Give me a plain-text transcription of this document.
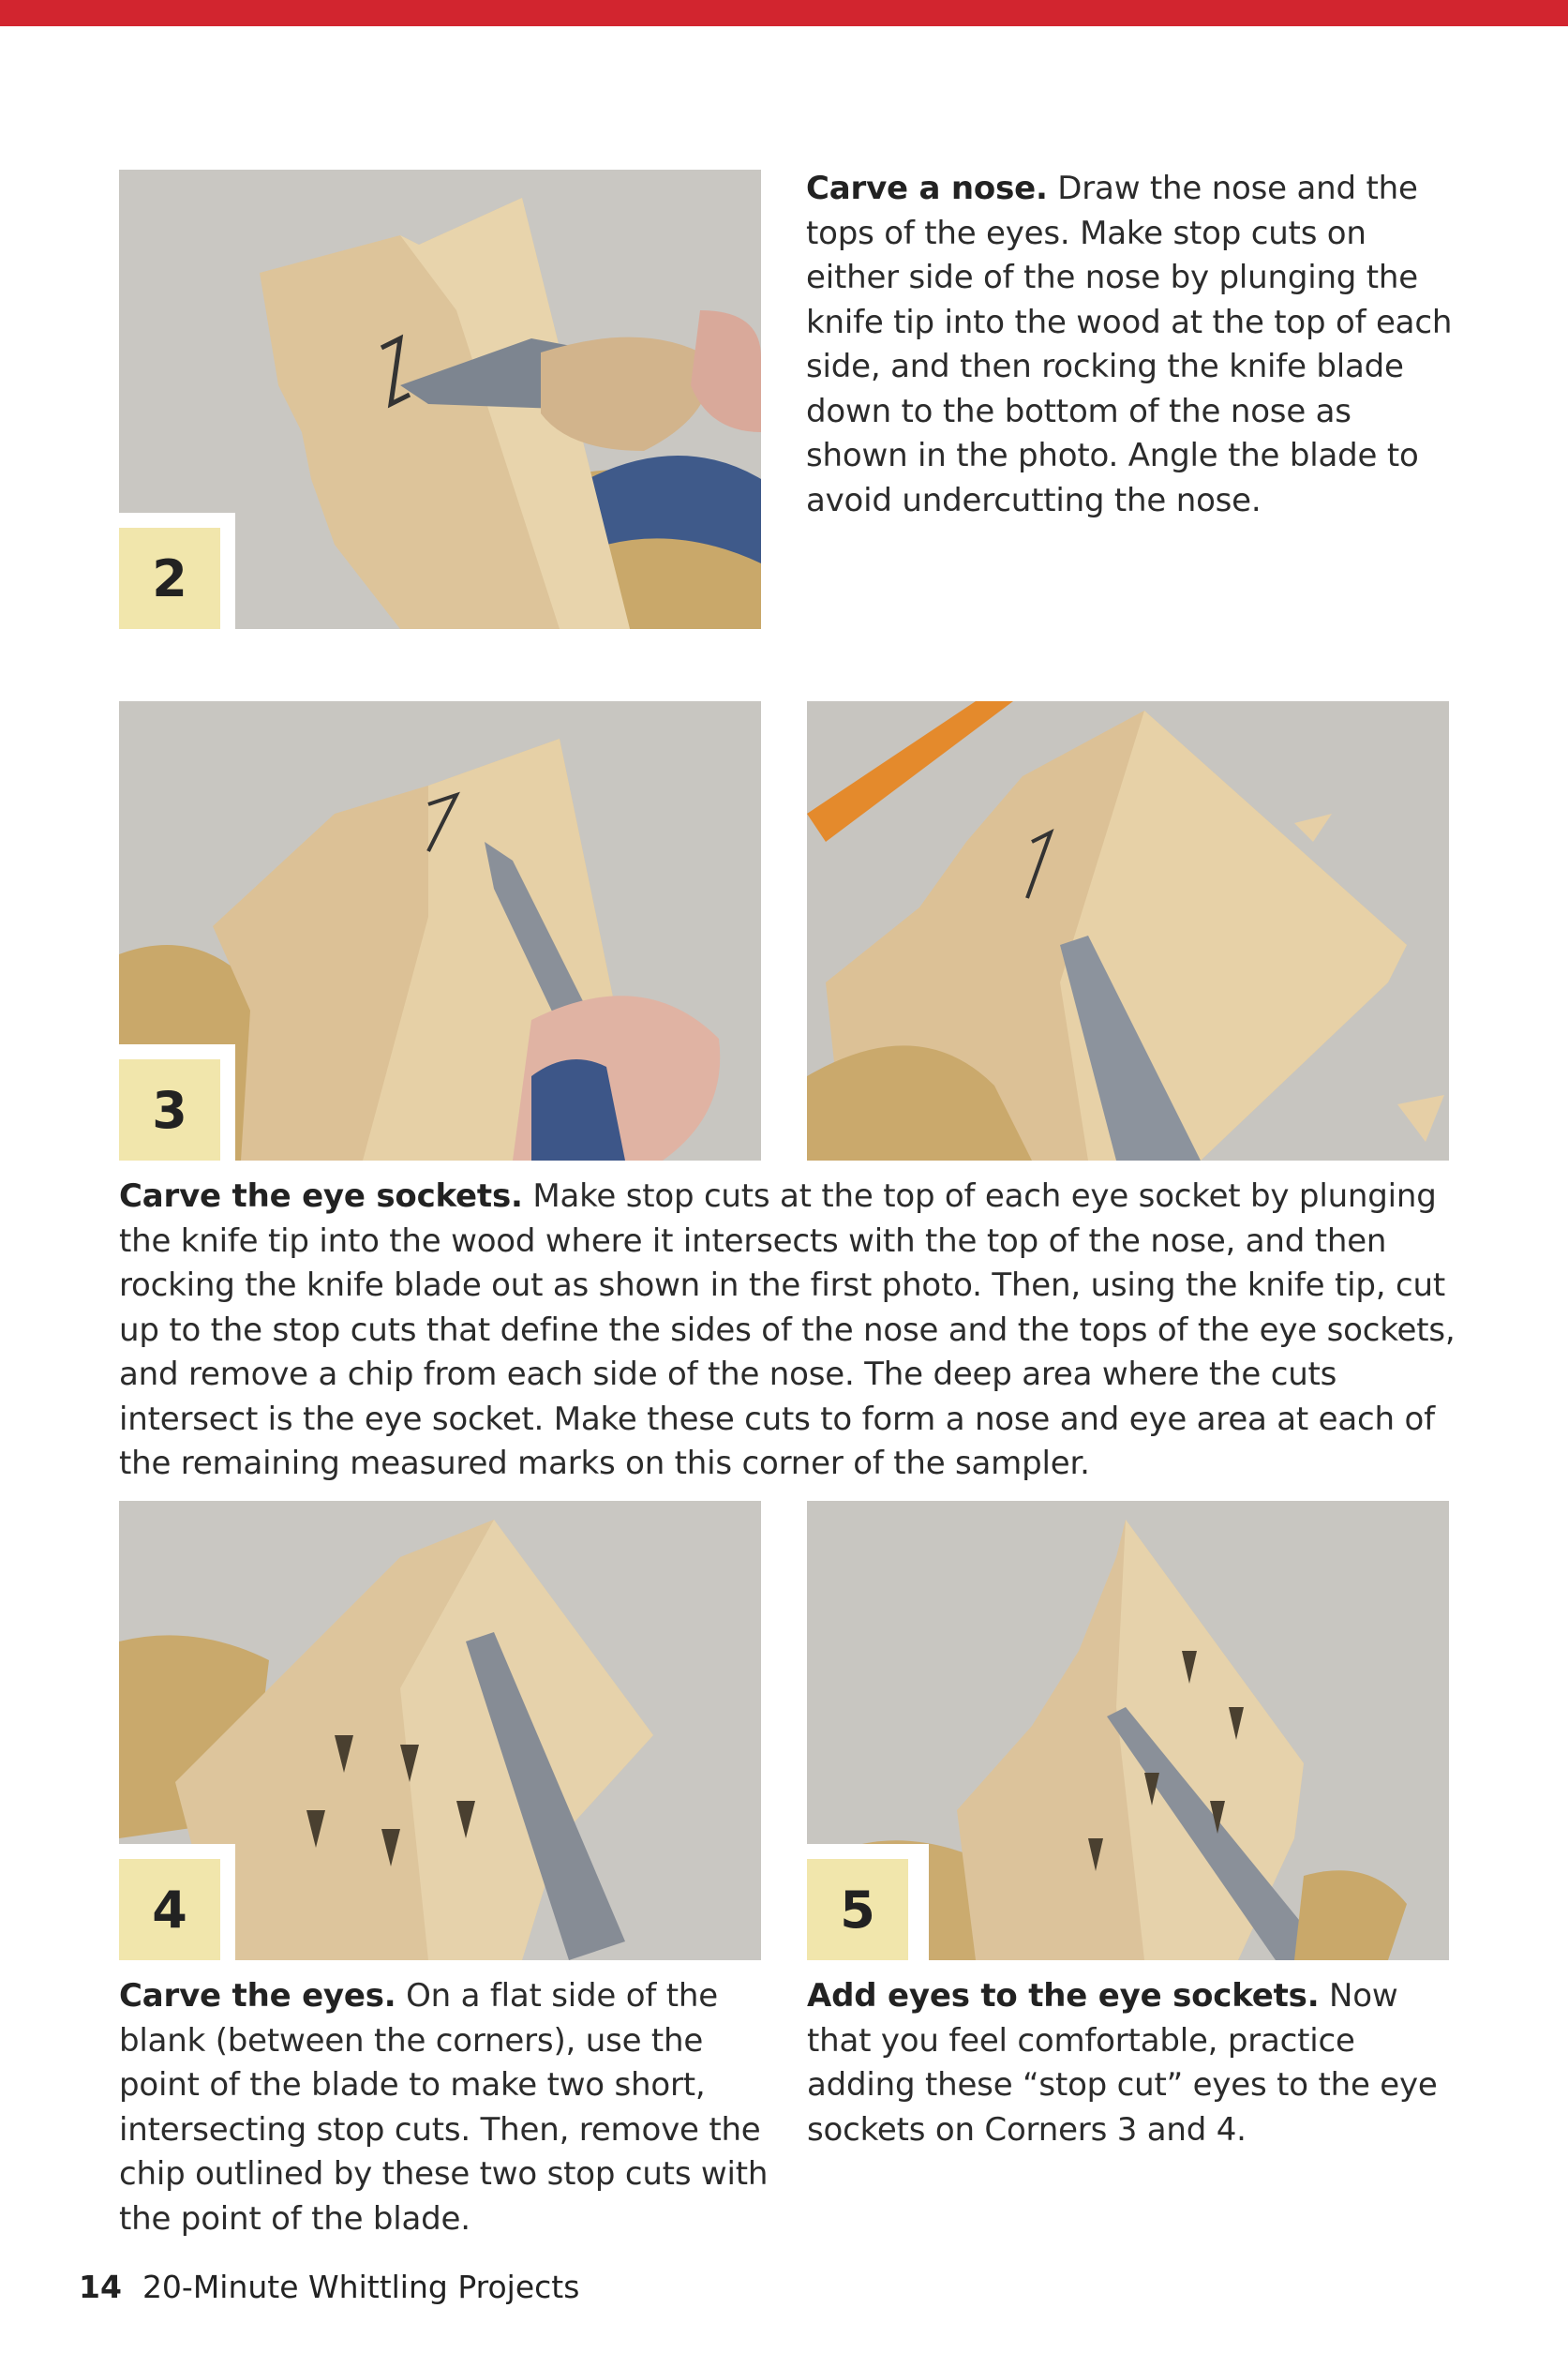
2
Carve a nose. Draw the nose and the tops of the eyes. Make stop cuts on either side of the nose by plunging the knife tip into the wood at the top of each side, and then rocking the knife blade down to the bottom of the nose as shown in the photo. Angle the blade to avoid undercutting the nose.
3
Carve the eye sockets. Make stop cuts at the top of each eye socket by plunging the knife tip into the wood where it intersects with the top of the nose, and then rocking the knife blade out as shown in the first photo. Then, using the knife tip, cut up to the stop cuts that define the sides of the nose and the tops of the eye sockets, and remove a chip from each side of the nose. The deep area where the cuts intersect is the eye socket. Make these cuts to form a nose and eye area at each of the remaining measured marks on this corner of the sampler.
4	5
Carve the eyes. On a flat side of the blank (between the corners), use the point of the blade to make two short, intersecting stop cuts. Then, remove the chip outlined by these two stop cuts with the point of the blade.
Add eyes to the eye sockets. Now that you feel comfortable, practice adding these “stop cut” eyes to the eye sockets on Corners 3 and 4.
14 20-Minute Whittling Projects
